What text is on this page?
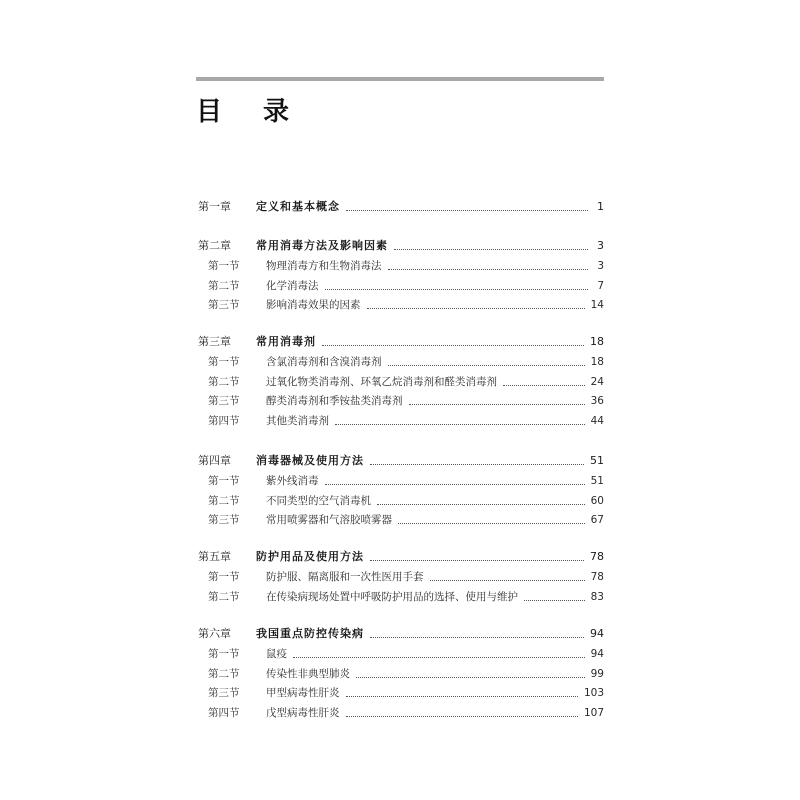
目 录
第一章	定义和基本概念	1
第二章	常用消毒方法及影响因素	3
第一节	物理消毒方和生物消毒法	3
第二节	化学消毒法	7
第三节	影响消毒效果的因素	14
第三章	常用消毒剂	18
第一节	含氯消毒剂和含溴消毒剂	18
第二节	过氧化物类消毒剂、环氧乙烷消毒剂和醛类消毒剂	24
第三节	醇类消毒剂和季铵盐类消毒剂	36
第四节	其他类消毒剂	44
第四章	消毒器械及使用方法	51
第一节	紫外线消毒	51
第二节	不同类型的空气消毒机	60
第三节	常用喷雾器和气溶胶喷雾器	67
第五章	防护用品及使用方法	78
第一节	防护服、隔离服和一次性医用手套	78
第二节	在传染病现场处置中呼吸防护用品的选择、使用与维护	83
第六章	我国重点防控传染病	94
第一节	鼠疫	94
第二节	传染性非典型肺炎	99
第三节	甲型病毒性肝炎	103
第四节	戊型病毒性肝炎	107
